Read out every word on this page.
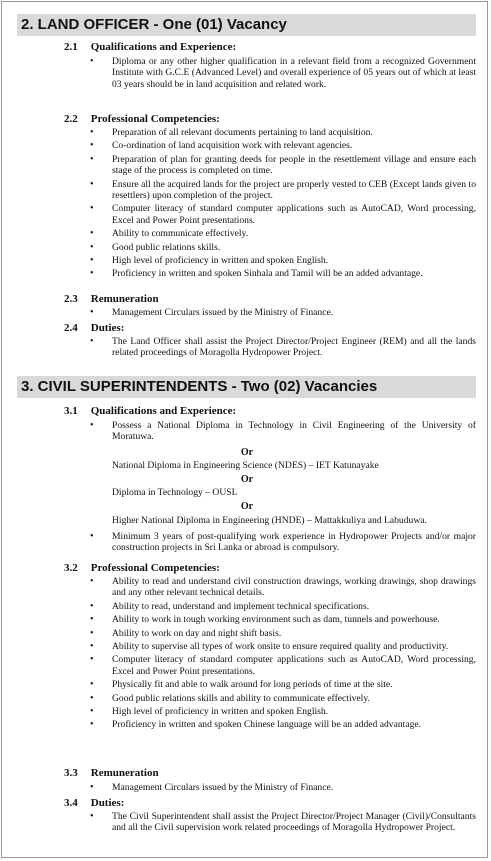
2. LAND OFFICER - One (01) Vacancy
2.1 Qualifications and Experience:
• Diploma or any other higher qualification in a relevant field from a recognized Government Institute with G.C.E (Advanced Level) and overall experience of 05 years out of which at least 03 years should be in land acquisition and related work.
2.2 Professional Competencies:
• Preparation of all relevant documents pertaining to land acquisition.
• Co-ordination of land acquisition work with relevant agencies.
• Preparation of plan for granting deeds for people in the resettlement village and ensure each stage of the process is completed on time.
• Ensure all the acquired lands for the project are properly vested to CEB (Except lands given to resettlers) upon completion of the project.
• Computer literacy of standard computer applications such as AutoCAD, Word processing, Excel and Power Point presentations.
• Ability to communicate effectively.
• Good public relations skills.
• High level of proficiency in written and spoken English.
• Proficiency in written and spoken Sinhala and Tamil will be an added advantage.
2.3 Remuneration
• Management Circulars issued by the Ministry of Finance.
2.4 Duties:
• The Land Officer shall assist the Project Director/Project Engineer (REM) and all the lands related proceedings of Moragolla Hydropower Project.
3. CIVIL SUPERINTENDENTS - Two (02) Vacancies
3.1 Qualifications and Experience:
• Possess a National Diploma in Technology in Civil Engineering of the University of Moratuwa.
Or
National Diploma in Engineering Science (NDES) – IET Katunayake
Or
Diploma in Technology – OUSL
Or
Higher National Diploma in Engineering (HNDE) – Mattakkuliya and Labuduwa.
• Minimum 3 years of post-qualifying work experience in Hydropower Projects and/or major construction projects in Sri Lanka or abroad is compulsory.
3.2 Professional Competencies:
• Ability to read and understand civil construction drawings, working drawings, shop drawings and any other relevant technical details.
• Ability to read, understand and implement technical specifications.
• Ability to work in tough working environment such as dam, tunnels and powerhouse.
• Ability to work on day and night shift basis.
• Ability to supervise all types of work onsite to ensure required quality and productivity.
• Computer literacy of standard computer applications such as AutoCAD, Word processing, Excel and Power Point presentations.
• Physically fit and able to walk around for long periods of time at the site.
• Good public relations skills and ability to communicate effectively.
• High level of proficiency in written and spoken English.
• Proficiency in written and spoken Chinese language will be an added advantage.
3.3 Remuneration
• Management Circulars issued by the Ministry of Finance.
3.4 Duties:
• The Civil Superintendent shall assist the Project Director/Project Manager (Civil)/Consultants and all the Civil supervision work related proceedings of Moragolla Hydropower Project.
